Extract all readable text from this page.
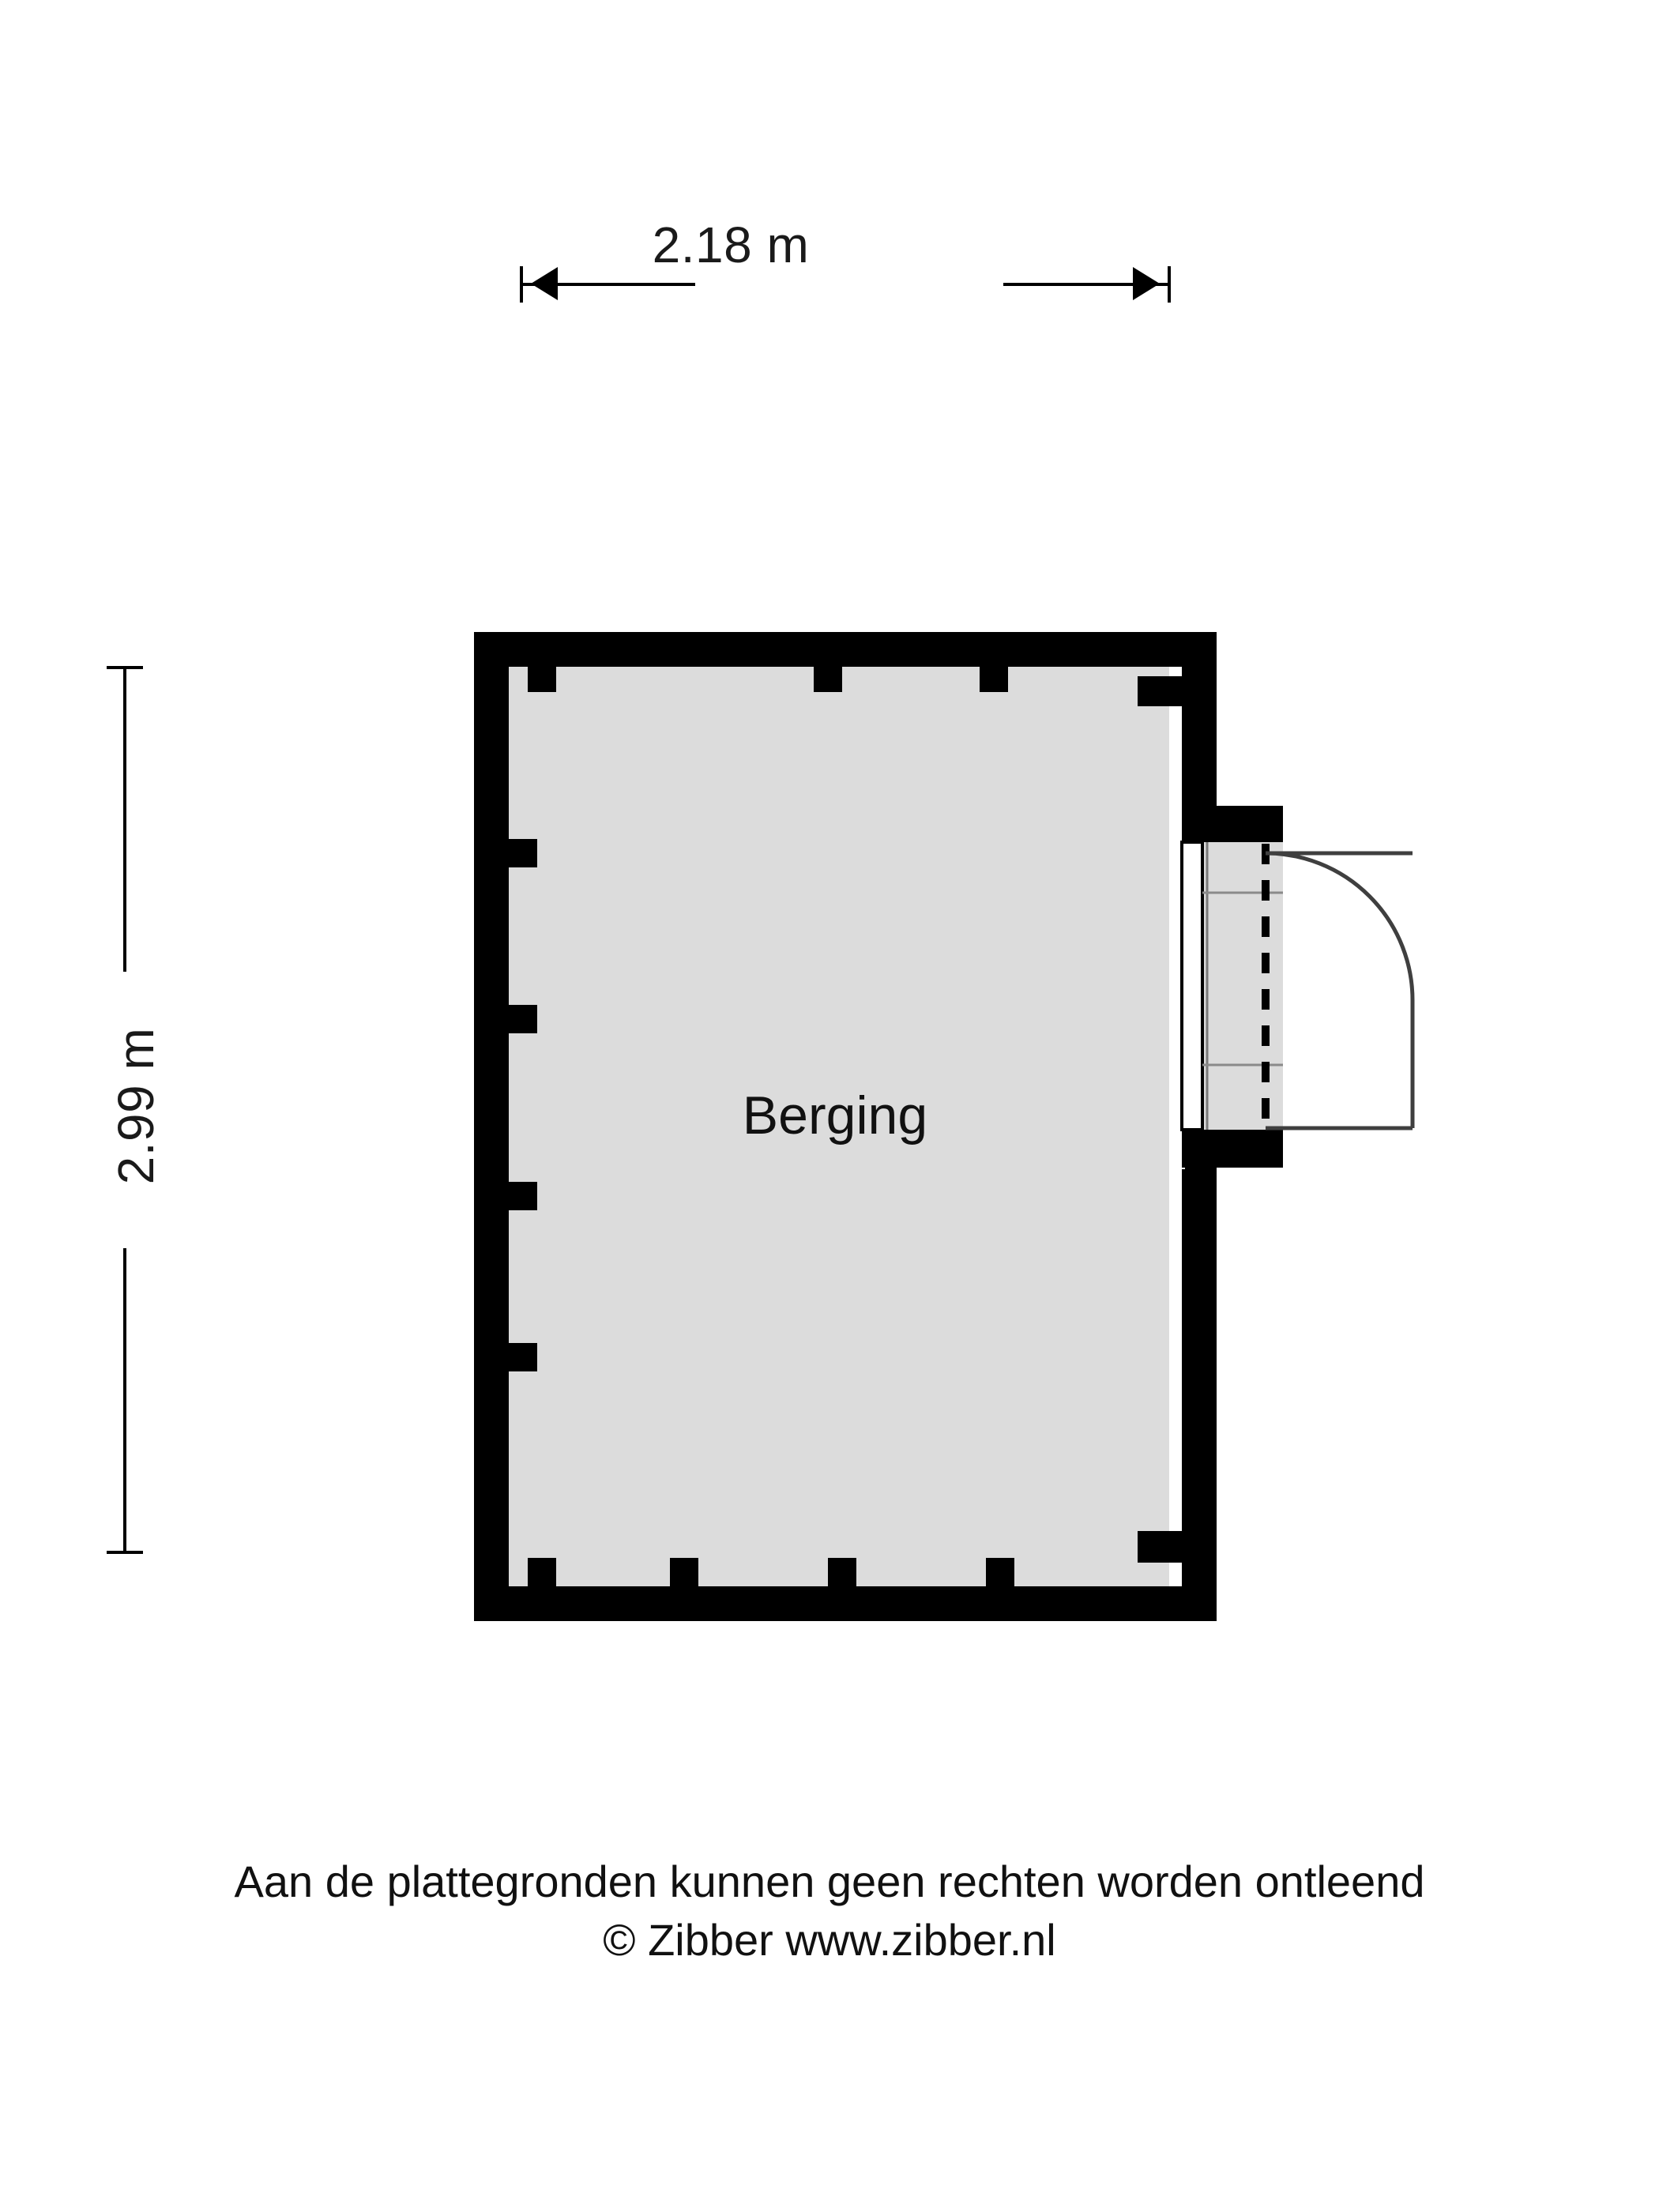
2.18 m
2.99 m	Berging
Aan de plattegronden kunnen geen rechten worden ontleend
© Zibber www.zibber.nl
